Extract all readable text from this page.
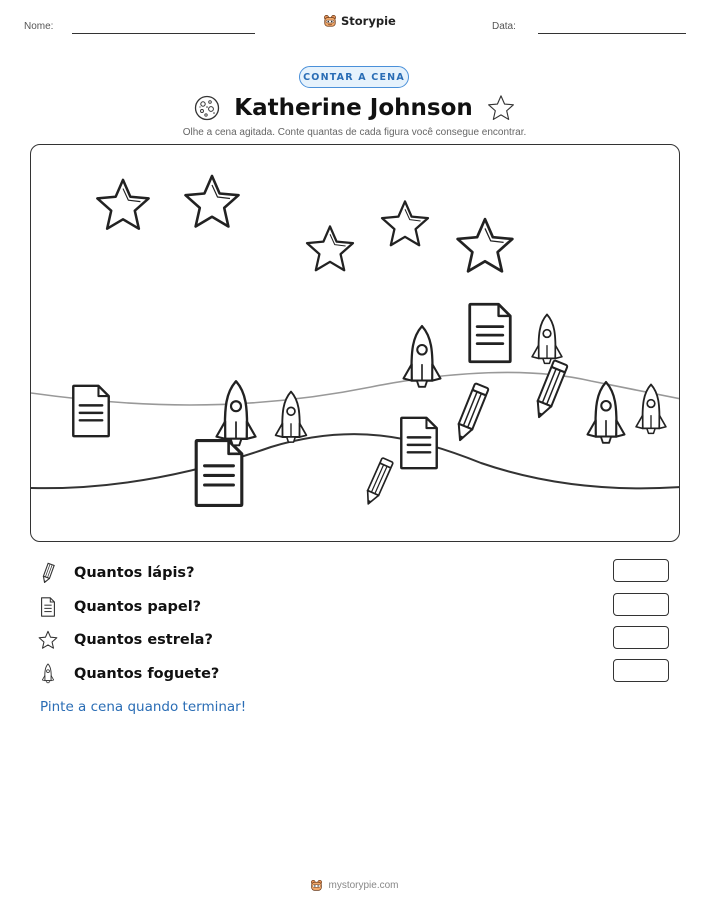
Nome:	Storypie	Data:
CONTAR A CENA
Katherine Johnson
Olhe a cena agitada. Conte quantas de cada figura você consegue encontrar.
Quantos lápis?
Quantos papel?
Quantos estrela?
Quantos foguete?
Pinte a cena quando terminar!
mystorypie.com
